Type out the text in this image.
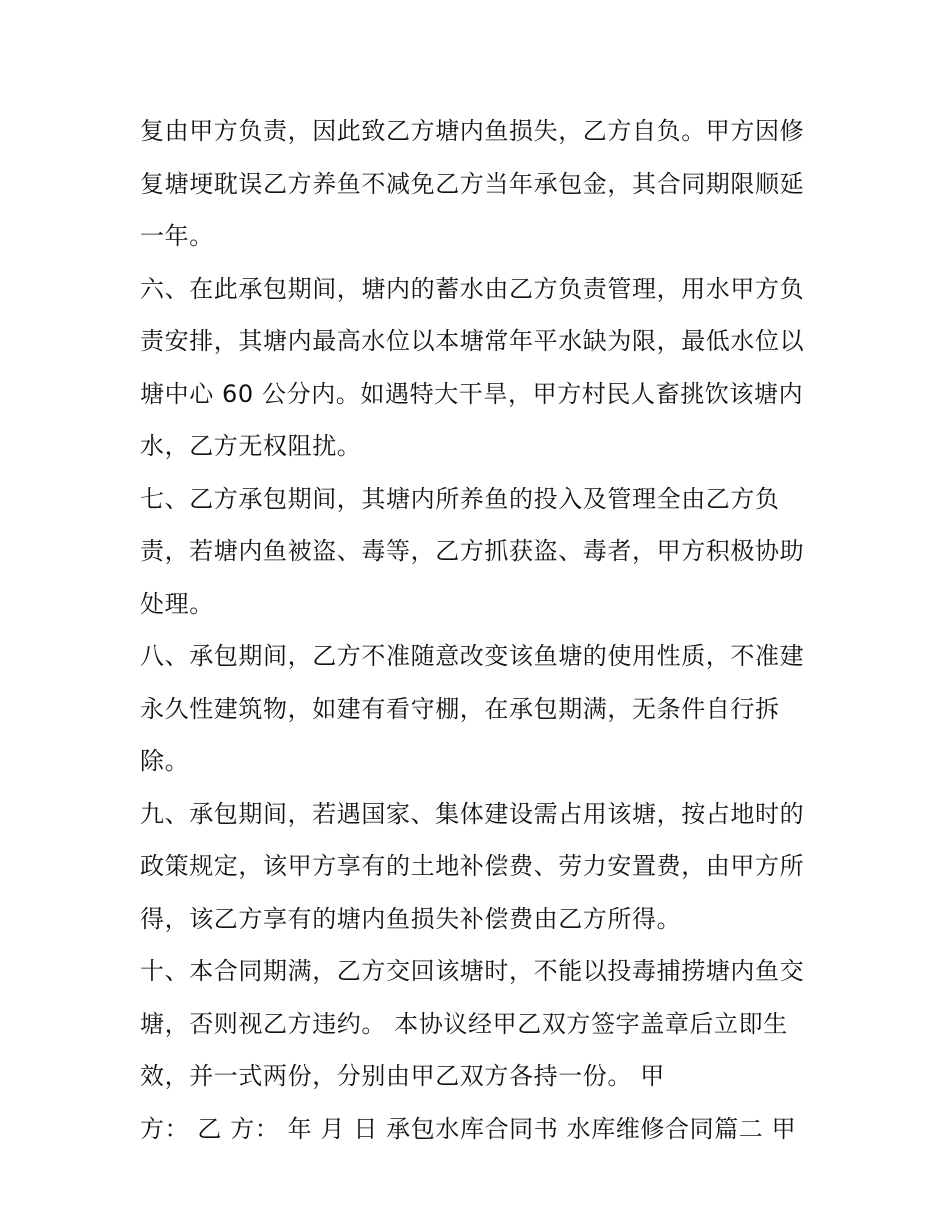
复由甲方负责，因此致乙方塘内鱼损失，乙方自负。甲方因修
复塘埂耽误乙方养鱼不减免乙方当年承包金，其合同期限顺延
一年。
六、在此承包期间，塘内的蓄水由乙方负责管理，用水甲方负
责安排，其塘内最高水位以本塘常年平水缺为限，最低水位以
塘中心 60 公分内。如遇特大干旱，甲方村民人畜挑饮该塘内
水，乙方无权阻扰。
七、乙方承包期间，其塘内所养鱼的投入及管理全由乙方负
责，若塘内鱼被盗、毒等，乙方抓获盗、毒者，甲方积极协助
处理。
八、承包期间，乙方不准随意改变该鱼塘的使用性质，不准建
永久性建筑物，如建有看守棚，在承包期满，无条件自行拆
除。
九、承包期间，若遇国家、集体建设需占用该塘，按占地时的
政策规定，该甲方享有的土地补偿费、劳力安置费，由甲方所
得，该乙方享有的塘内鱼损失补偿费由乙方所得。
十、本合同期满，乙方交回该塘时，不能以投毒捕捞塘内鱼交
塘，否则视乙方违约。 本协议经甲乙双方签字盖章后立即生
效，并一式两份，分别由甲乙双方各持一份。 甲
方： 乙 方： 年 月 日 承包水库合同书 水库维修合同篇二 甲
